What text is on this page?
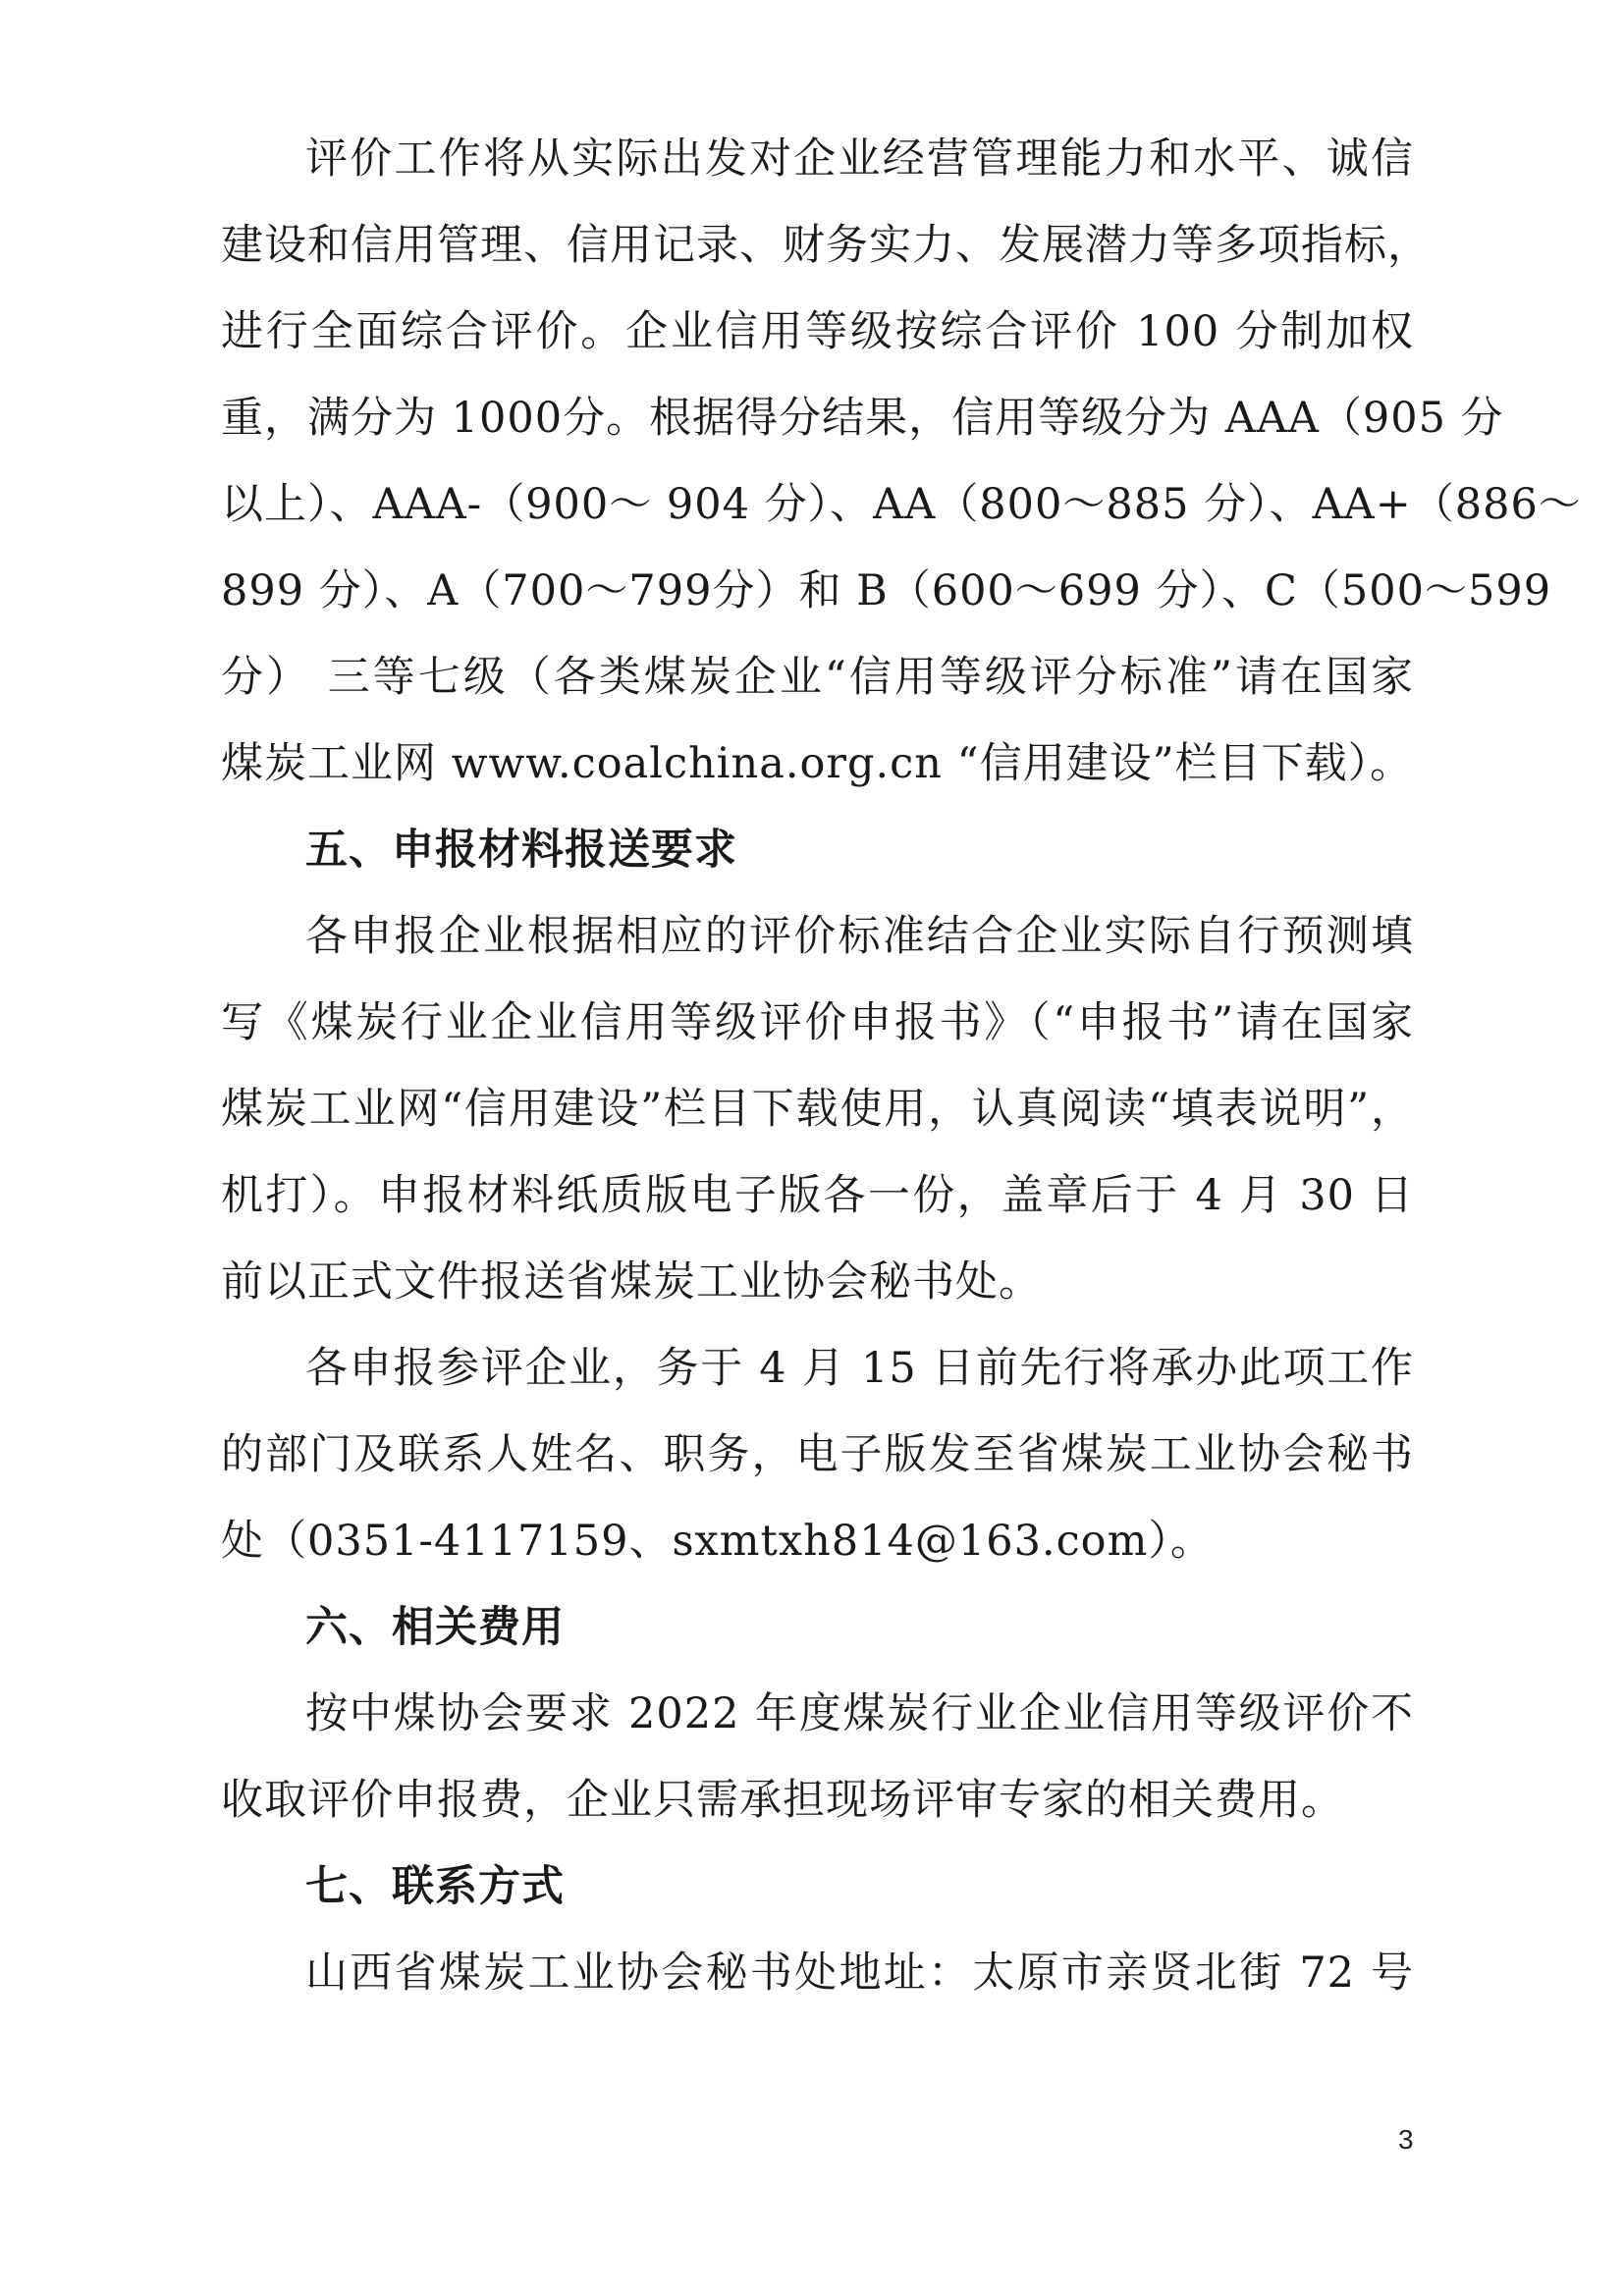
评价工作将从实际出发对企业经营管理能力和水平、诚信
建设和信用管理、信用记录、财务实力、发展潜力等多项指标，
进行全面综合评价。企业信用等级按综合评价 100 分制加权
重，满分为 1000分。根据得分结果，信用等级分为 AAA（905 分
以上）、AAA-（900～ 904 分）、AA（800～885 分）、AA+（886～
899 分）、A（700～799分）和 B（600～699 分）、C（500～599
分） 三等七级（各类煤炭企业“信用等级评分标准”请在国家
煤炭工业网 www.coalchina.org.cn “信用建设”栏目下载）。
五、申报材料报送要求
各申报企业根据相应的评价标准结合企业实际自行预测填
写《煤炭行业企业信用等级评价申报书》（“申报书”请在国家
煤炭工业网“信用建设”栏目下载使用，认真阅读“填表说明”，
机打）。申报材料纸质版电子版各一份，盖章后于 4 月 30 日
前以正式文件报送省煤炭工业协会秘书处。
各申报参评企业，务于 4 月 15 日前先行将承办此项工作
的部门及联系人姓名、职务，电子版发至省煤炭工业协会秘书
处（0351-4117159、sxmtxh814@163.com）。
六、相关费用
按中煤协会要求 2022 年度煤炭行业企业信用等级评价不
收取评价申报费，企业只需承担现场评审专家的相关费用。
七、联系方式
山西省煤炭工业协会秘书处地址：太原市亲贤北街 72 号
3
